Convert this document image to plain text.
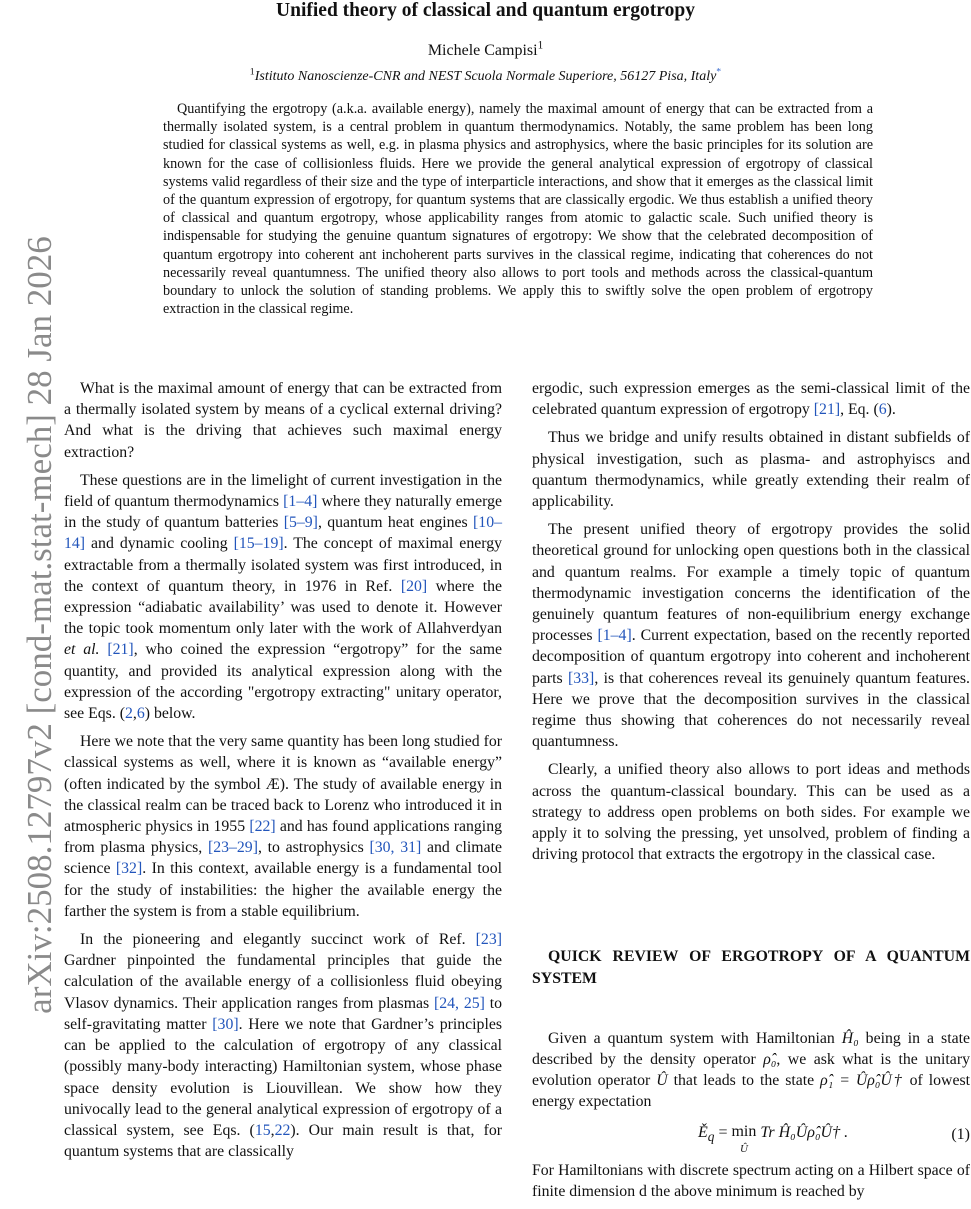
arXiv:2508.12797v2 [cond-mat.stat-mech] 28 Jan 2026
Unified theory of classical and quantum ergotropy
Michele Campisi$^1$
$^1$Istituto Nanoscienze-CNR and NEST Scuola Normale Superiore, 56127 Pisa, Italy*

Quantifying the ergotropy (a.k.a. available energy), namely the maximal amount of energy that can be extracted from a thermally isolated system, is a central problem in quantum thermodynamics. Notably, the same problem has been long studied for classical systems as well, e.g. in plasma physics and astrophysics, where the basic principles for its solution are known for the case of collisionless fluids. Here we provide the general analytical expression of ergotropy of classical systems valid regardless of their size and the type of interparticle interactions, and show that it emerges as the classical limit of the quantum expression of ergotropy, for quantum systems that are classically ergodic. We thus establish a unified theory of classical and quantum ergotropy, whose applicability ranges from atomic to galactic scale. Such unified theory is indispensable for studying the genuine quantum signatures of ergotropy: We show that the celebrated decomposition of quantum ergotropy into coherent ant inchoherent parts survives in the classical regime, indicating that coherences do not necessarily reveal quantumness. The unified theory also allows to port tools and methods across the classical-quantum boundary to unlock the solution of standing problems. We apply this to swiftly solve the open problem of ergotropy extraction in the classical regime.

What is the maximal amount of energy that can be extracted from a thermally isolated system by means of a cyclical external driving? And what is the driving that achieves such maximal energy extraction?

These questions are in the limelight of current investigation in the field of quantum thermodynamics [1–4] where they naturally emerge in the study of quantum batteries [5–9], quantum heat engines [10–14] and dynamic cooling [15–19]. The concept of maximal energy extractable from a thermally isolated system was first introduced, in the context of quantum theory, in 1976 in Ref. [20] where the expression “adiabatic availability’ was used to denote it. However the topic took momentum only later with the work of Allahverdyan et al. [21], who coined the expression “ergotropy” for the same quantity, and provided its analytical expression along with the expression of the according "ergotropy extracting" unitary operator, see Eqs. (2,6) below.

Here we note that the very same quantity has been long studied for classical systems as well, where it is known as “available energy” (often indicated by the symbol Æ). The study of available energy in the classical realm can be traced back to Lorenz who introduced it in atmospheric physics in 1955 [22] and has found applications ranging from plasma physics, [23–29], to astrophysics [30, 31] and climate science [32]. In this context, available energy is a fundamental tool for the study of instabilities: the higher the available energy the farther the system is from a stable equilibrium.

In the pioneering and elegantly succinct work of Ref. [23] Gardner pinpointed the fundamental principles that guide the calculation of the available energy of a collisionless fluid obeying Vlasov dynamics. Their application ranges from plasmas [24, 25] to self-gravitating matter [30]. Here we note that Gardner’s principles can be applied to the calculation of ergotropy of any classical (possibly many-body interacting) Hamiltonian system, whose phase space density evolution is Liouvillean. We show how they univocally lead to the general analytical expression of ergotropy of a classical system, see Eqs. (15,22). Our main result is that, for quantum systems that are classically

ergodic, such expression emerges as the semi-classical limit of the celebrated quantum expression of ergotropy [21], Eq. (6).

Thus we bridge and unify results obtained in distant subfields of physical investigation, such as plasma- and astrophyiscs and quantum thermodynamics, while greatly extending their realm of applicability.

The present unified theory of ergotropy provides the solid theoretical ground for unlocking open questions both in the classical and quantum realms. For example a timely topic of quantum thermodynamic investigation concerns the identification of the genuinely quantum features of non-equilibrium energy exchange processes [1–4]. Current expectation, based on the recently reported decomposition of quantum ergotropy into coherent and inchoherent parts [33], is that coherences reveal its genuinely quantum features. Here we prove that the decomposition survives in the classical regime thus showing that coherences do not necessarily reveal quantumness.

Clearly, a unified theory also allows to port ideas and methods across the quantum-classical boundary. This can be used as a strategy to address open problems on both sides. For example we apply it to solving the pressing, yet unsolved, problem of finding a driving protocol that extracts the ergotropy in the classical case.

QUICK REVIEW OF ERGOTROPY OF A QUANTUM SYSTEM

Given a quantum system with Hamiltonian Ĥ₀ being in a state described by the density operator ρ̂₀, we ask what is the unitary evolution operator Û that leads to the state ρ̂₁ = Ûρ̂₀Û† of lowest energy expectation

$Ě_q = \min$
Û Tr Ĥ₀Ûρ̂₀Û† .	(1)

For Hamiltonians with discrete spectrum acting on a Hilbert space of finite dimension d the above minimum is reached by
